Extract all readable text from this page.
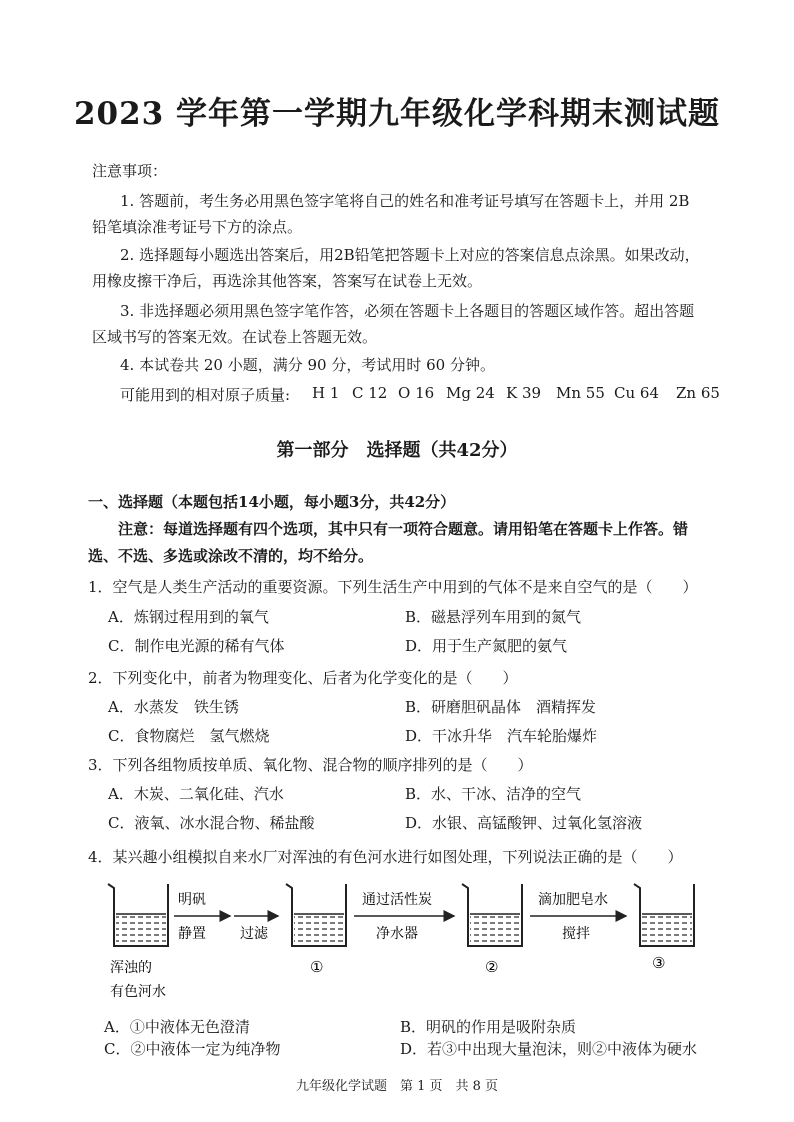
2023 学年第一学期九年级化学科期末测试题
注意事项：
1. 答题前，考生务必用黑色签字笔将自己的姓名和准考证号填写在答题卡上，并用 2B
铅笔填涂准考证号下方的涂点。
2. 选择题每小题选出答案后，用2B铅笔把答题卡上对应的答案信息点涂黑。如果改动，
用橡皮擦干净后，再选涂其他答案，答案写在试卷上无效。
3. 非选择题必须用黑色签字笔作答，必须在答题卡上各题目的答题区域作答。超出答题
区域书写的答案无效。在试卷上答题无效。
4. 本试卷共 20 小题，满分 90 分，考试用时 60 分钟。
可能用到的相对原子质量: H 1 C 12 O 16 Mg 24 K 39 Mn 55 Cu 64 Zn 65
第一部分　选择题（共42分）
一、选择题（本题包括14小题，每小题3分，共42分）
注意：每道选择题有四个选项，其中只有一项符合题意。请用铅笔在答题卡上作答。错
选、不选、多选或涂改不清的，均不给分。
1．空气是人类生产活动的重要资源。下列生活生产中用到的气体不是来自空气的是（　　）
A．炼钢过程用到的氧气	B．磁悬浮列车用到的氮气
C．制作电光源的稀有气体	D．用于生产氮肥的氨气
2．下列变化中，前者为物理变化、后者为化学变化的是（　　）
A．水蒸发　铁生锈	B．研磨胆矾晶体　酒精挥发
C．食物腐烂　氢气燃烧	D．干冰升华　汽车轮胎爆炸
3．下列各组物质按单质、氧化物、混合物的顺序排列的是（　　）
A．木炭、二氧化硅、汽水	B．水、干冰、洁净的空气
C．液氧、冰水混合物、稀盐酸	D．水银、高锰酸钾、过氧化氢溶液
4．某兴趣小组模拟自来水厂对浑浊的有色河水进行如图处理，下列说法正确的是（　　）
明矾
静置 过滤
通过活性炭
净水器
滴加肥皂水
搅拌
浑浊的
有色河水
①	②	③
A．①中液体无色澄清	B．明矾的作用是吸附杂质
C．②中液体一定为纯净物	D．若③中出现大量泡沫，则②中液体为硬水
九年级化学试题　第 1 页　共 8 页
